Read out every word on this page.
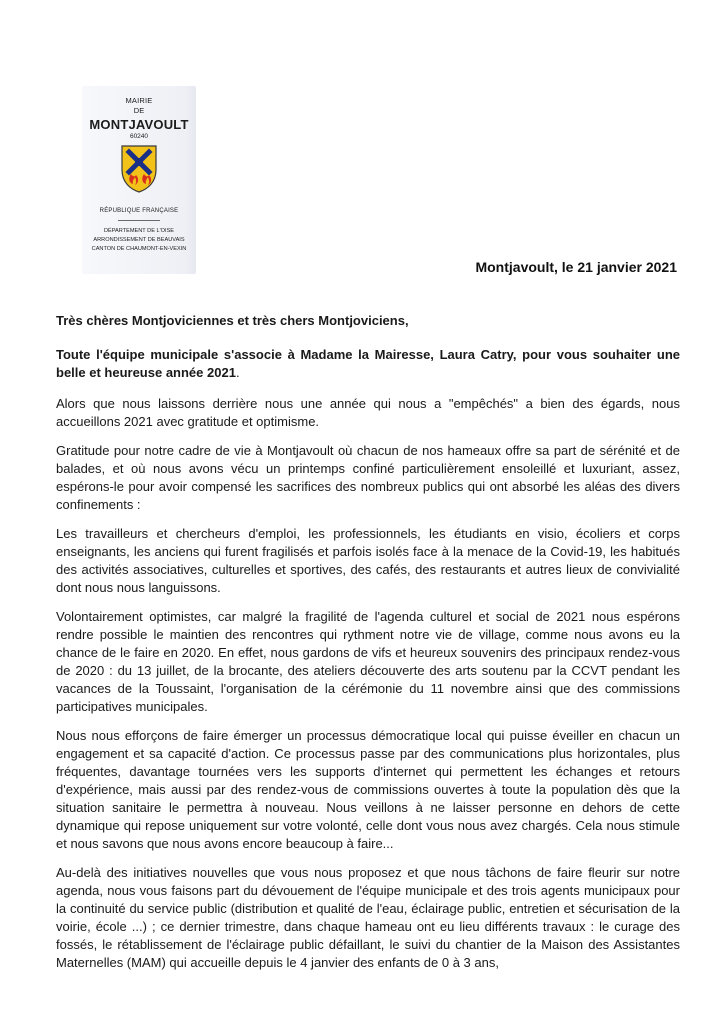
MAIRIE
DE
MONTJAVOULT
60240
RÉPUBLIQUE FRANÇAISE
DÉPARTEMENT DE L'OISE
ARRONDISSEMENT DE BEAUVAIS
CANTON DE CHAUMONT-EN-VEXIN
Montjavoult, le 21 janvier 2021

Très chères Montjoviciennes et très chers Montjoviciens,

Toute l'équipe municipale s'associe à Madame la Mairesse, Laura Catry, pour vous souhaiter une belle et heureuse année 2021.

Alors que nous laissons derrière nous une année qui nous a "empêchés" a bien des égards, nous accueillons 2021 avec gratitude et optimisme.

Gratitude pour notre cadre de vie à Montjavoult où chacun de nos hameaux offre sa part de sérénité et de balades, et où nous avons vécu un printemps confiné particulièrement ensoleillé et luxuriant, assez, espérons-le pour avoir compensé les sacrifices des nombreux publics qui ont absorbé les aléas des divers confinements :

Les travailleurs et chercheurs d'emploi, les professionnels, les étudiants en visio, écoliers et corps enseignants, les anciens qui furent fragilisés et parfois isolés face à la menace de la Covid-19, les habitués des activités associatives, culturelles et sportives, des cafés, des restaurants et autres lieux de convivialité dont nous nous languissons.

Volontairement optimistes, car malgré la fragilité de l'agenda culturel et social de 2021 nous espérons rendre possible le maintien des rencontres qui rythment notre vie de village, comme nous avons eu la chance de le faire en 2020. En effet, nous gardons de vifs et heureux souvenirs des principaux rendez-vous de 2020 : du 13 juillet, de la brocante, des ateliers découverte des arts soutenu par la CCVT pendant les vacances de la Toussaint, l'organisation de la cérémonie du 11 novembre ainsi que des commissions participatives municipales.

Nous nous efforçons de faire émerger un processus démocratique local qui puisse éveiller en chacun un engagement et sa capacité d'action. Ce processus passe par des communications plus horizontales, plus fréquentes, davantage tournées vers les supports d'internet qui permettent les échanges et retours d'expérience, mais aussi par des rendez-vous de commissions ouvertes à toute la population dès que la situation sanitaire le permettra à nouveau. Nous veillons à ne laisser personne en dehors de cette dynamique qui repose uniquement sur votre volonté, celle dont vous nous avez chargés. Cela nous stimule et nous savons que nous avons encore beaucoup à faire...

Au-delà des initiatives nouvelles que vous nous proposez et que nous tâchons de faire fleurir sur notre agenda, nous vous faisons part du dévouement de l'équipe municipale et des trois agents municipaux pour la continuité du service public (distribution et qualité de l'eau, éclairage public, entretien et sécurisation de la voirie, école ...) ; ce dernier trimestre, dans chaque hameau ont eu lieu différents travaux : le curage des fossés, le rétablissement de l'éclairage public défaillant, le suivi du chantier de la Maison des Assistantes Maternelles (MAM) qui accueille depuis le 4 janvier des enfants de 0 à 3 ans,
